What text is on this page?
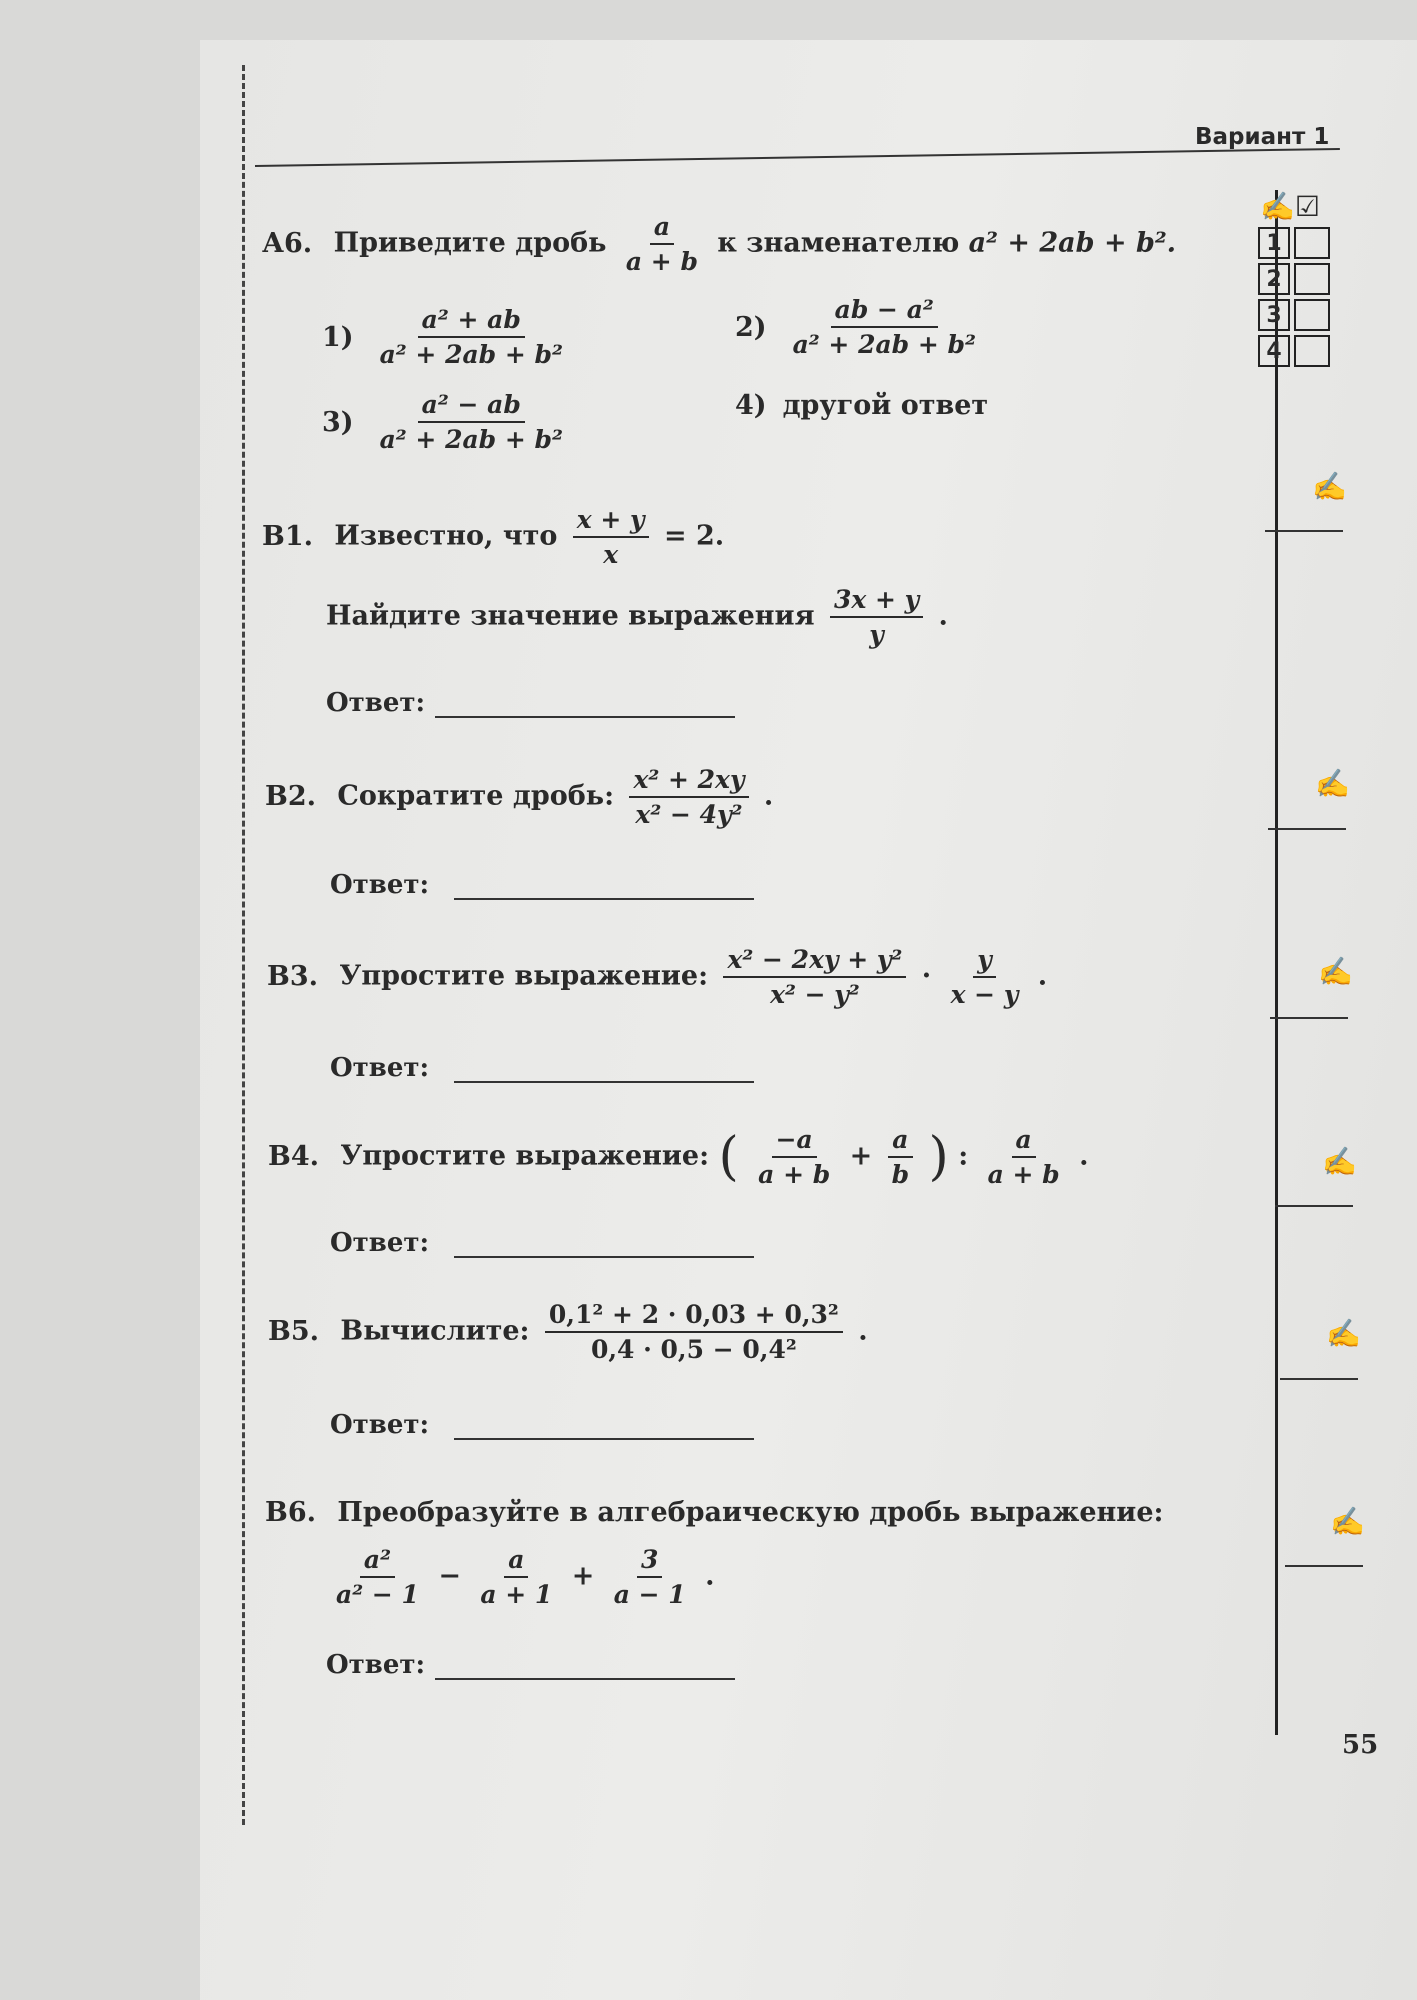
Вариант 1
А6. Приведите дробь $\frac{a}{a + b}$ к знаменателю a² + 2ab + b².
$1) \frac{\text{a² + ab}}{\text{a² + 2ab + b²}}$	$2) \frac{\text{ab − a²}}{\text{a² + 2ab + b²}}$
$3) \frac{\text{a² − ab}}{\text{a² + 2ab + b²}}$	4) другой ответ
В1. Известно, что $\frac{x + y}{x} = 2$.
Найдите значение выражения $\frac{3x + y}{y}$ .
Ответ:
В2. Сократите дробь: $\frac{\text{x² + 2xy}}{\text{x² − 4y²}}$ .
Ответ:
В3. Упростите выражение: $\frac{\text{x² − 2xy + y²}}{\text{x² − y²}} \cdot \frac{y}{x - y}$ .
Ответ:
В4. Упростите выражение: ( $\frac{-a}{a + b} + \frac{a}{b}$ ) : $\frac{a}{a + b}$ .
Ответ:
В5. Вычислите: $\frac{\text{0,1² + 2 · 0,03 + 0,3²}}{\text{0,4 · 0,5 − 0,4²}}$ .
Ответ:
В6. Преобразуйте в алгебраическую дробь выражение:
$\frac{\text{a²}}{\text{a² − 1}} - \frac{a}{a + 1} + \frac{3}{a - 1}$ .
Ответ:
✍☑
1
2
3
4
✍
✍
✍
✍
✍
✍
55
